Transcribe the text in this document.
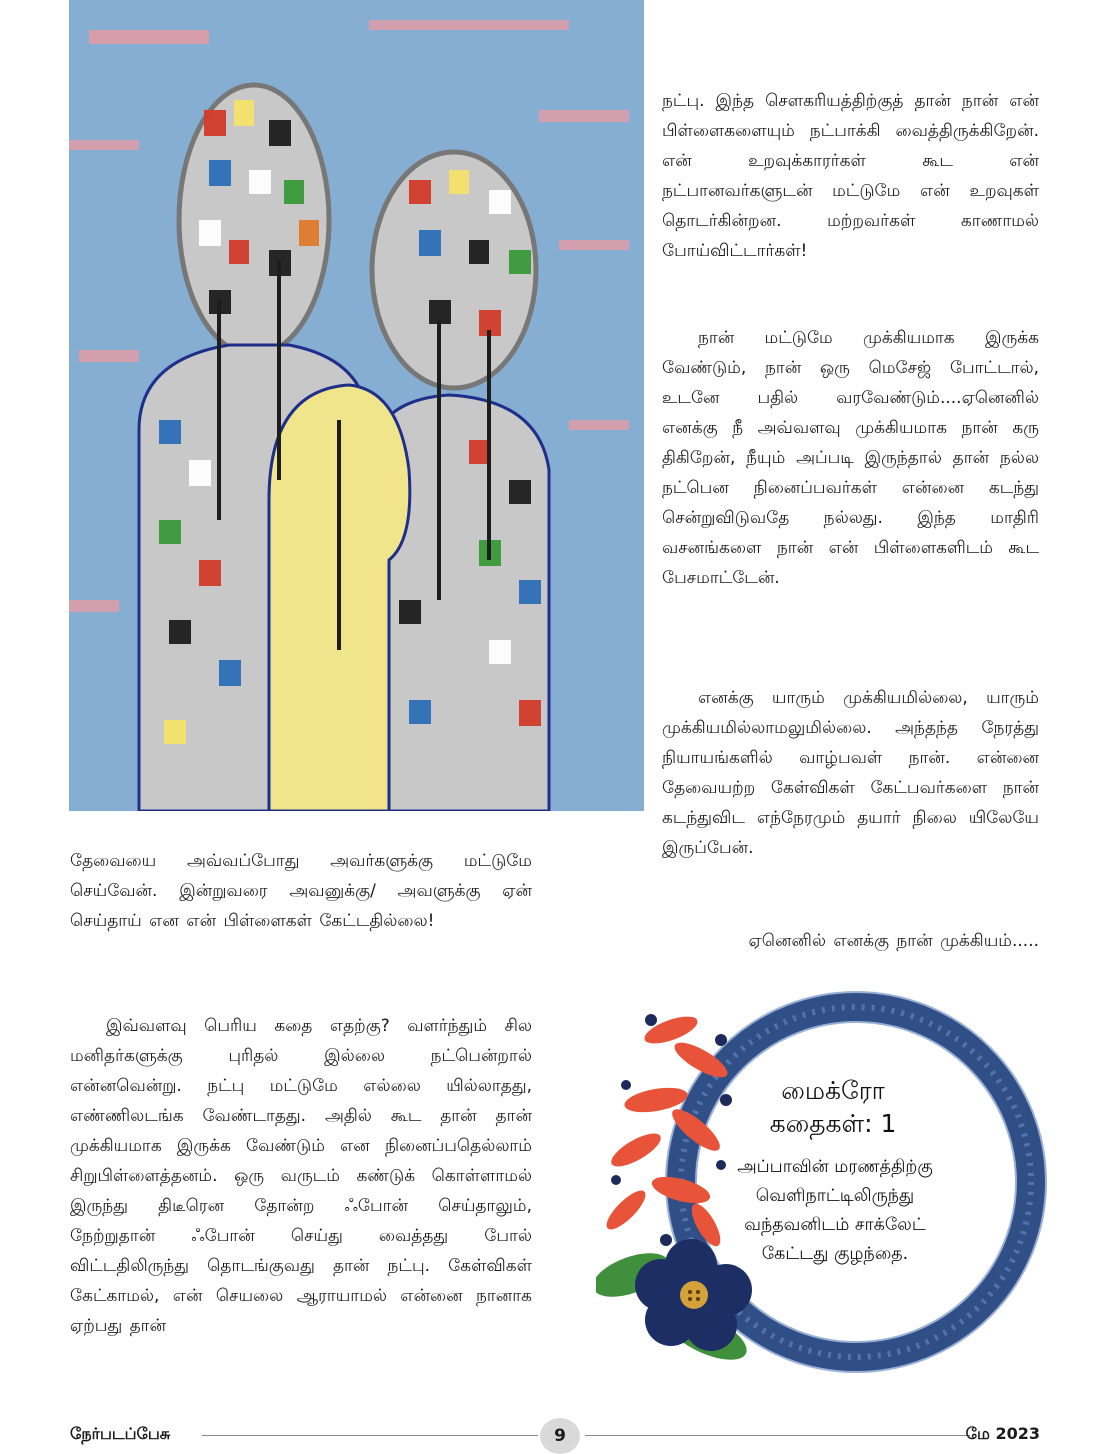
நட்பு. இந்த சௌகரியத்திற்குத் தான் நான் என் பிள்ளைகளையும் நட்பாக்கி வைத்திருக்கிறேன். என் உறவுக்காரர்கள் கூட என் நட்பானவர்களுடன் மட்டுமே என் உறவுகள் தொடர்கின்றன. மற்றவர்கள் காணாமல் போய்விட்டார்கள்!

நான் மட்டுமே முக்கியமாக இருக்க வேண்டும், நான் ஒரு மெசேஜ் போட்டால், உடனே பதில் வரவேண்டும்....ஏனெனில் எனக்கு நீ அவ்வளவு முக்கியமாக நான் கரு திகிறேன், நீயும் அப்படி இருந்தால் தான் நல்ல நட்பென நினைப்பவர்கள் என்னை கடந்து சென்றுவிடுவதே நல்லது. இந்த மாதிரி வசனங்களை நான் என் பிள்ளைகளிடம் கூட பேசமாட்டேன்.

எனக்கு யாரும் முக்கியமில்லை, யாரும் முக்கியமில்லாமலுமில்லை. அந்தந்த நேரத்து நியாயங்களில் வாழ்பவள் நான். என்னை தேவையற்ற கேள்விகள் கேட்பவர்களை நான் கடந்துவிட எந்நேரமும் தயார் நிலை யிலேயே இருப்பேன்.

ஏனெனில் எனக்கு நான் முக்கியம்.....

தேவையை அவ்வப்போது அவர்களுக்கு மட்டுமே செய்வேன். இன்றுவரை அவனுக்கு/ அவளுக்கு ஏன் செய்தாய் என என் பிள்ளைகள் கேட்டதில்லை!

இவ்வளவு பெரிய கதை எதற்கு? வளர்ந்தும் சில மனிதர்களுக்கு புரிதல் இல்லை நட்பென்றால் என்னவென்று. நட்பு மட்டுமே எல்லை யில்லாதது, எண்ணிலடங்க வேண்டாதது. அதில் கூட தான் தான் முக்கியமாக இருக்க வேண்டும் என நினைப்பதெல்லாம் சிறுபிள்ளைத்தனம். ஒரு வருடம் கண்டுக் கொள்ளாமல் இருந்து திடீரென தோன்ற ஃபோன் செய்தாலும், நேற்றுதான் ஃபோன் செய்து வைத்தது போல் விட்டதிலிருந்து தொடங்குவது தான் நட்பு. கேள்விகள் கேட்காமல், என் செயலை ஆராயாமல் என்னை நானாக ஏற்பது தான்

மைக்ரோ கதைகள்: 1
அப்பாவின் மரணத்திற்கு வெளிநாட்டிலிருந்து வந்தவனிடம் சாக்லேட் கேட்டது குழந்தை.
நேர்படப்பேசு	9	மே 2023
